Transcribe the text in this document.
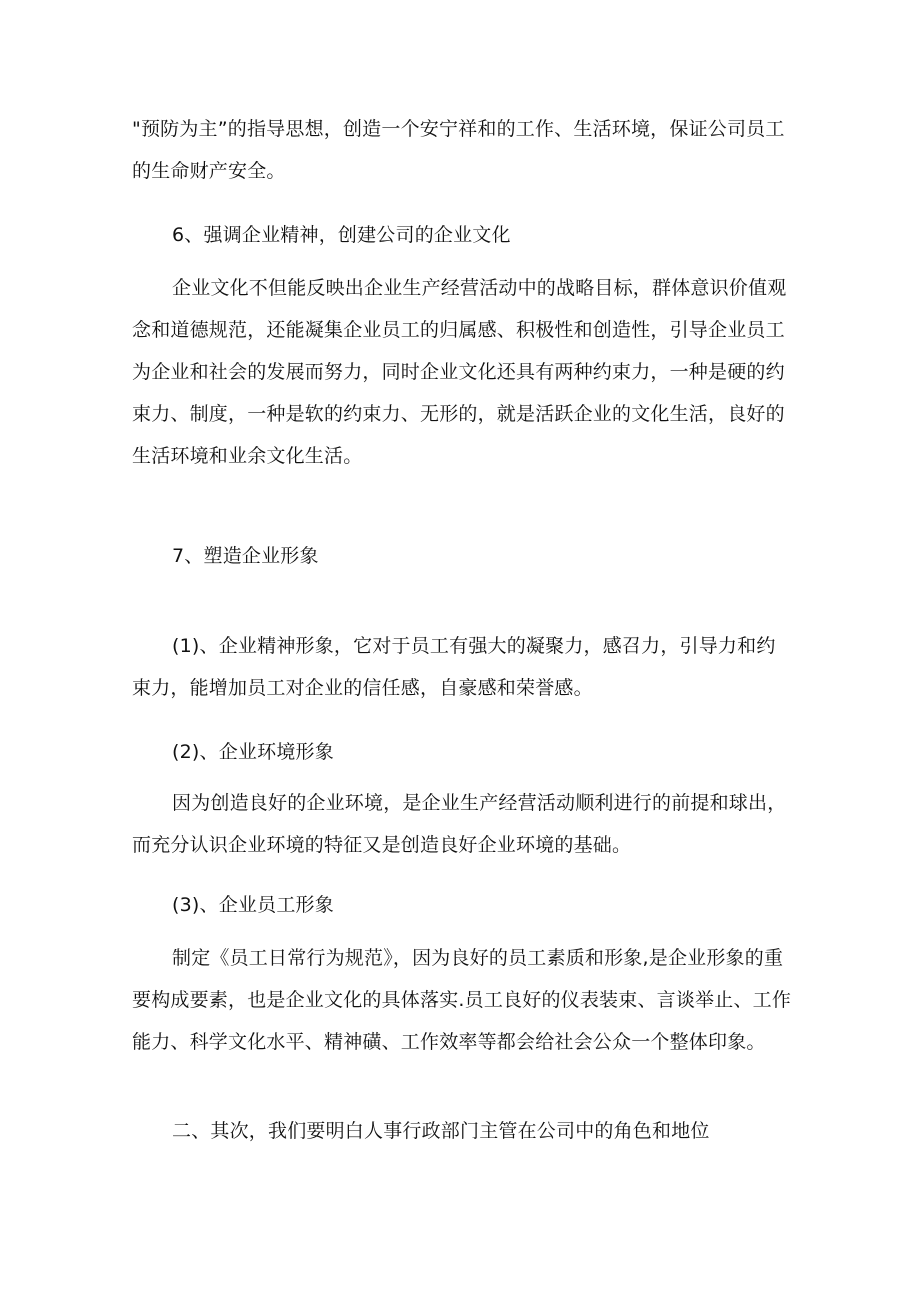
"预防为主”的指导思想，创造一个安宁祥和的工作、生活环境，保证公司员工的生命财产安全。

6、强调企业精神，创建公司的企业文化

企业文化不但能反映出企业生产经营活动中的战略目标，群体意识价值观念和道德规范，还能凝集企业员工的归属感、积极性和创造性，引导企业员工为企业和社会的发展而努力，同时企业文化还具有两种约束力，一种是硬的约束力、制度，一种是软的约束力、无形的，就是活跃企业的文化生活，良好的生活环境和业余文化生活。

7、塑造企业形象

(1)、企业精神形象，它对于员工有强大的凝聚力，感召力，引导力和约束力，能增加员工对企业的信任感，自豪感和荣誉感。

(2)、企业环境形象

因为创造良好的企业环境，是企业生产经营活动顺利进行的前提和球出，而充分认识企业环境的特征又是创造良好企业环境的基础。

(3)、企业员工形象

制定《员工日常行为规范》，因为良好的员工素质和形象,是企业形象的重要构成要素，也是企业文化的具体落实.员工良好的仪表装束、言谈举止、工作能力、科学文化水平、精神磺、工作效率等都会给社会公众一个整体印象。

二、其次，我们要明白人事行政部门主管在公司中的角色和地位
